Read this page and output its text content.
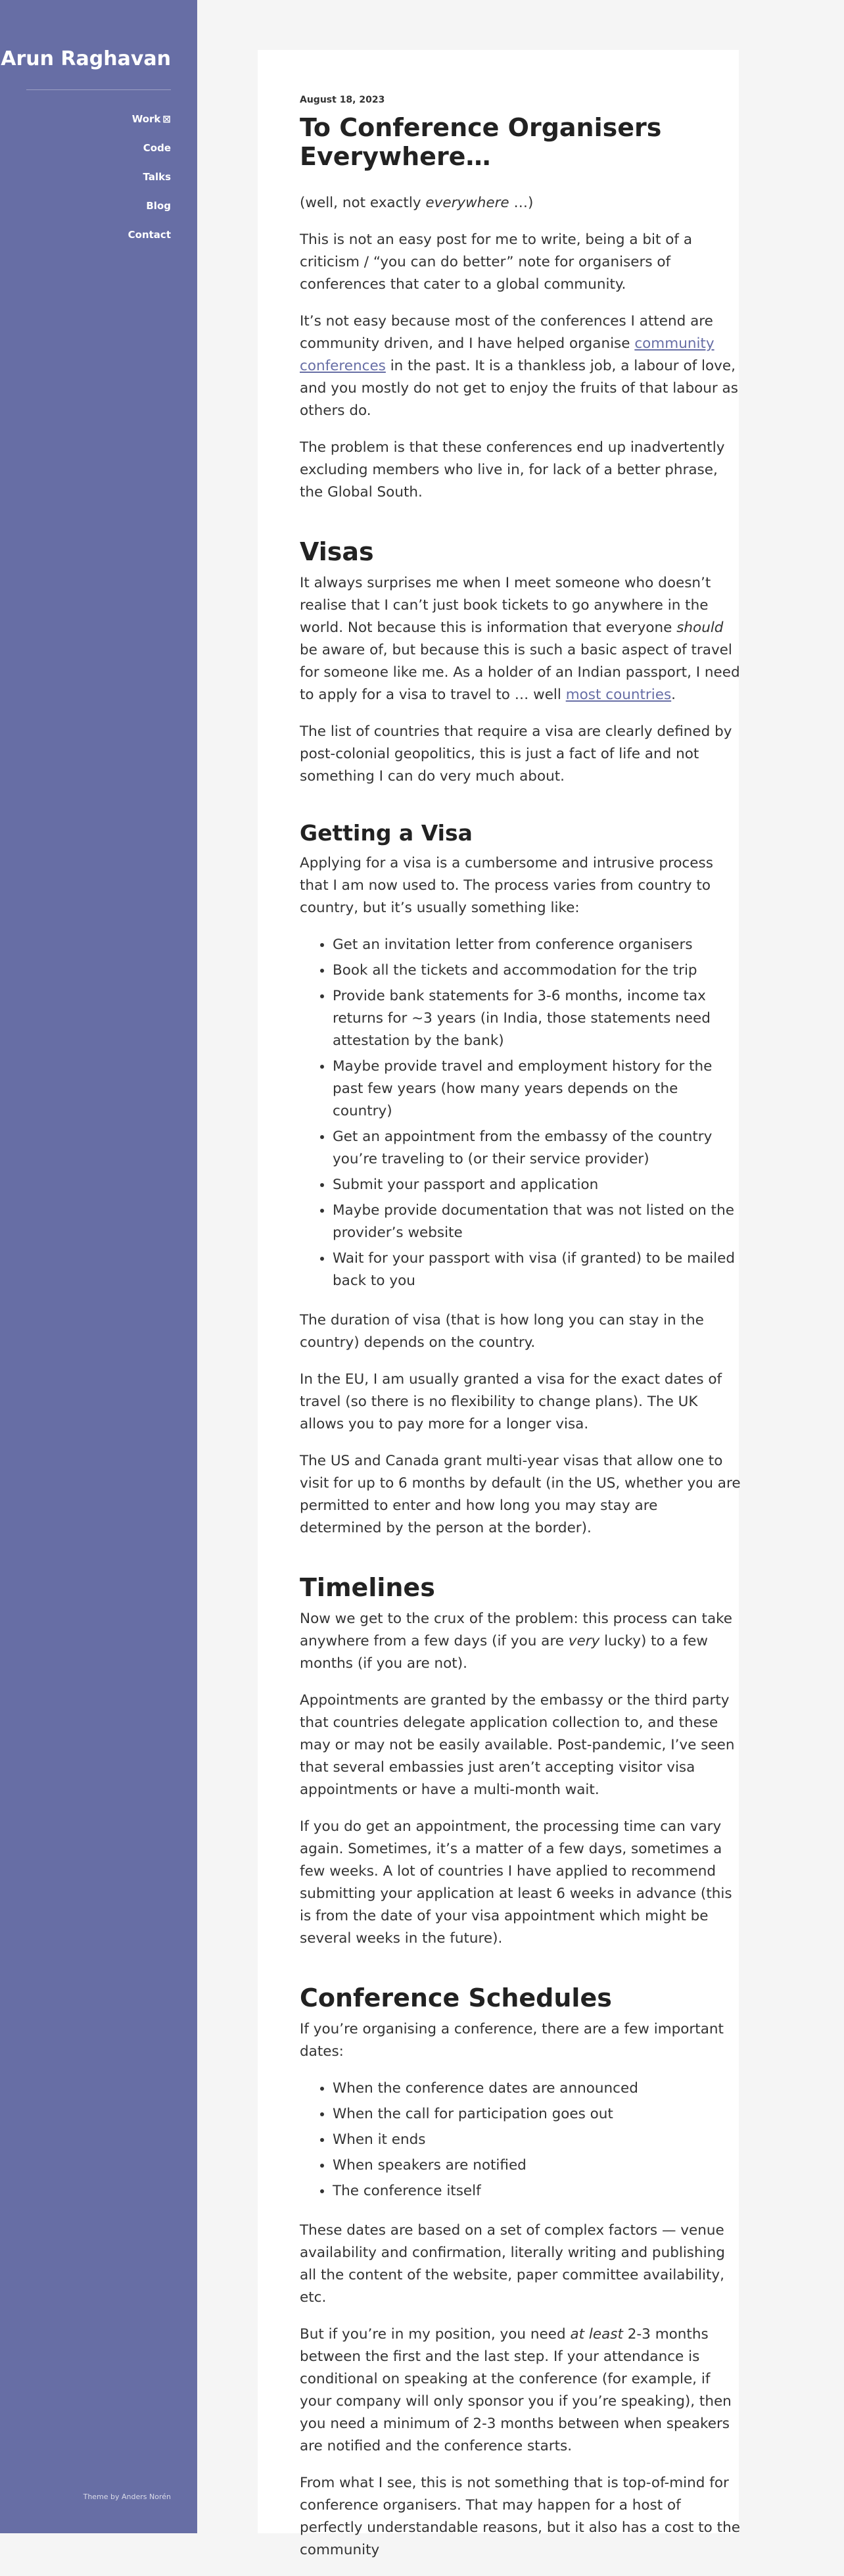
Arun Raghavan
Work ⊠
Code
Talks
Blog
Contact
Theme by Anders Norén
August 18, 2023
To Conference Organisers Everywhere…

(well, not exactly everywhere …)

This is not an easy post for me to write, being a bit of a criticism / “you can do better” note for organisers of conferences that cater to a global community.

It’s not easy because most of the conferences I attend are community driven, and I have helped organise community conferences in the past. It is a thankless job, a labour of love, and you mostly do not get to enjoy the fruits of that labour as others do.

The problem is that these conferences end up inadvertently excluding members who live in, for lack of a better phrase, the Global South.

Visas

It always surprises me when I meet someone who doesn’t realise that I can’t just book tickets to go anywhere in the world. Not because this is information that everyone should be aware of, but because this is such a basic aspect of travel for someone like me. As a holder of an Indian passport, I need to apply for a visa to travel to … well most countries.

The list of countries that require a visa are clearly defined by post-colonial geopolitics, this is just a fact of life and not something I can do very much about.

Getting a Visa

Applying for a visa is a cumbersome and intrusive process that I am now used to. The process varies from country to country, but it’s usually something like:

• Get an invitation letter from conference organisers
• Book all the tickets and accommodation for the trip
• Provide bank statements for 3-6 months, income tax returns for ~3 years (in India, those statements need attestation by the bank)
• Maybe provide travel and employment history for the past few years (how many years depends on the country)
• Get an appointment from the embassy of the country you’re traveling to (or their service provider)
• Submit your passport and application
• Maybe provide documentation that was not listed on the provider’s website
• Wait for your passport with visa (if granted) to be mailed back to you

The duration of visa (that is how long you can stay in the country) depends on the country.

In the EU, I am usually granted a visa for the exact dates of travel (so there is no flexibility to change plans). The UK allows you to pay more for a longer visa.

The US and Canada grant multi-year visas that allow one to visit for up to 6 months by default (in the US, whether you are permitted to enter and how long you may stay are determined by the person at the border).

Timelines

Now we get to the crux of the problem: this process can take anywhere from a few days (if you are very lucky) to a few months (if you are not).

Appointments are granted by the embassy or the third party that countries delegate application collection to, and these may or may not be easily available. Post-pandemic, I’ve seen that several embassies just aren’t accepting visitor visa appointments or have a multi-month wait.

If you do get an appointment, the processing time can vary again. Sometimes, it’s a matter of a few days, sometimes a few weeks. A lot of countries I have applied to recommend submitting your application at least 6 weeks in advance (this is from the date of your visa appointment which might be several weeks in the future).

Conference Schedules

If you’re organising a conference, there are a few important dates:

• When the conference dates are announced
• When the call for participation goes out
• When it ends
• When speakers are notified
• The conference itself

These dates are based on a set of complex factors — venue availability and confirmation, literally writing and publishing all the content of the website, paper committee availability, etc.

But if you’re in my position, you need at least 2-3 months between the first and the last step. If your attendance is conditional on speaking at the conference (for example, if your company will only sponsor you if you’re speaking), then you need a minimum of 2-3 months between when speakers are notified and the conference starts.

From what I see, this is not something that is top-of-mind for conference organisers. That may happen for a host of perfectly understandable reasons, but it also has a cost to the community
